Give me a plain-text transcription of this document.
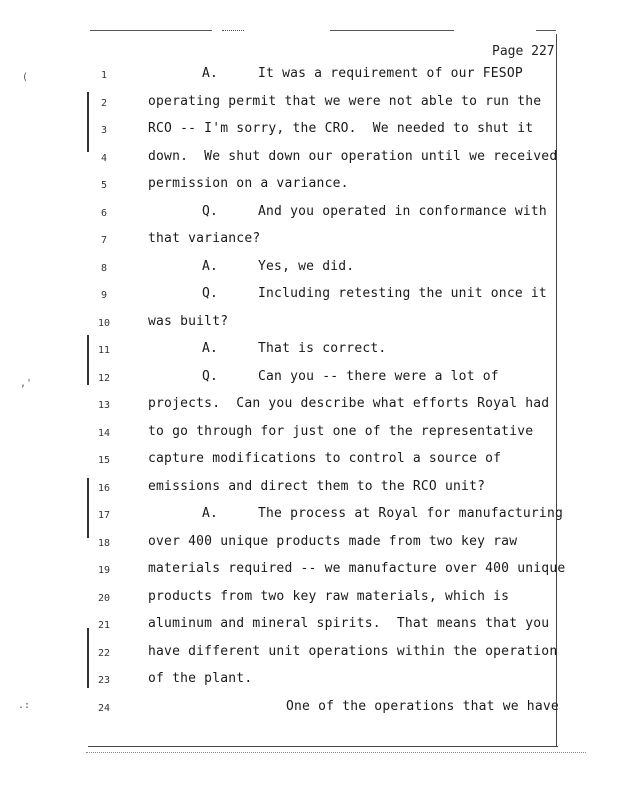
Page 227
(
,'
.:
1	A.	It was a requirement of our FESOP
2	operating permit that we were not able to run the
3	RCO -- I'm sorry, the CRO.  We needed to shut it
4	down.  We shut down our operation until we received
5	permission on a variance.
6	Q.	And you operated in conformance with
7	that variance?
8	A.	Yes, we did.
9	Q.	Including retesting the unit once it
10	was built?
11	A.	That is correct.
12	Q.	Can you -- there were a lot of
13	projects.  Can you describe what efforts Royal had
14	to go through for just one of the representative
15	capture modifications to control a source of
16	emissions and direct them to the RCO unit?
17	A.	The process at Royal for manufacturing
18	over 400 unique products made from two key raw
19	materials required -- we manufacture over 400 unique
20	products from two key raw materials, which is
21	aluminum and mineral spirits.  That means that you
22	have different unit operations within the operation
23	of the plant.
24	One of the operations that we have
